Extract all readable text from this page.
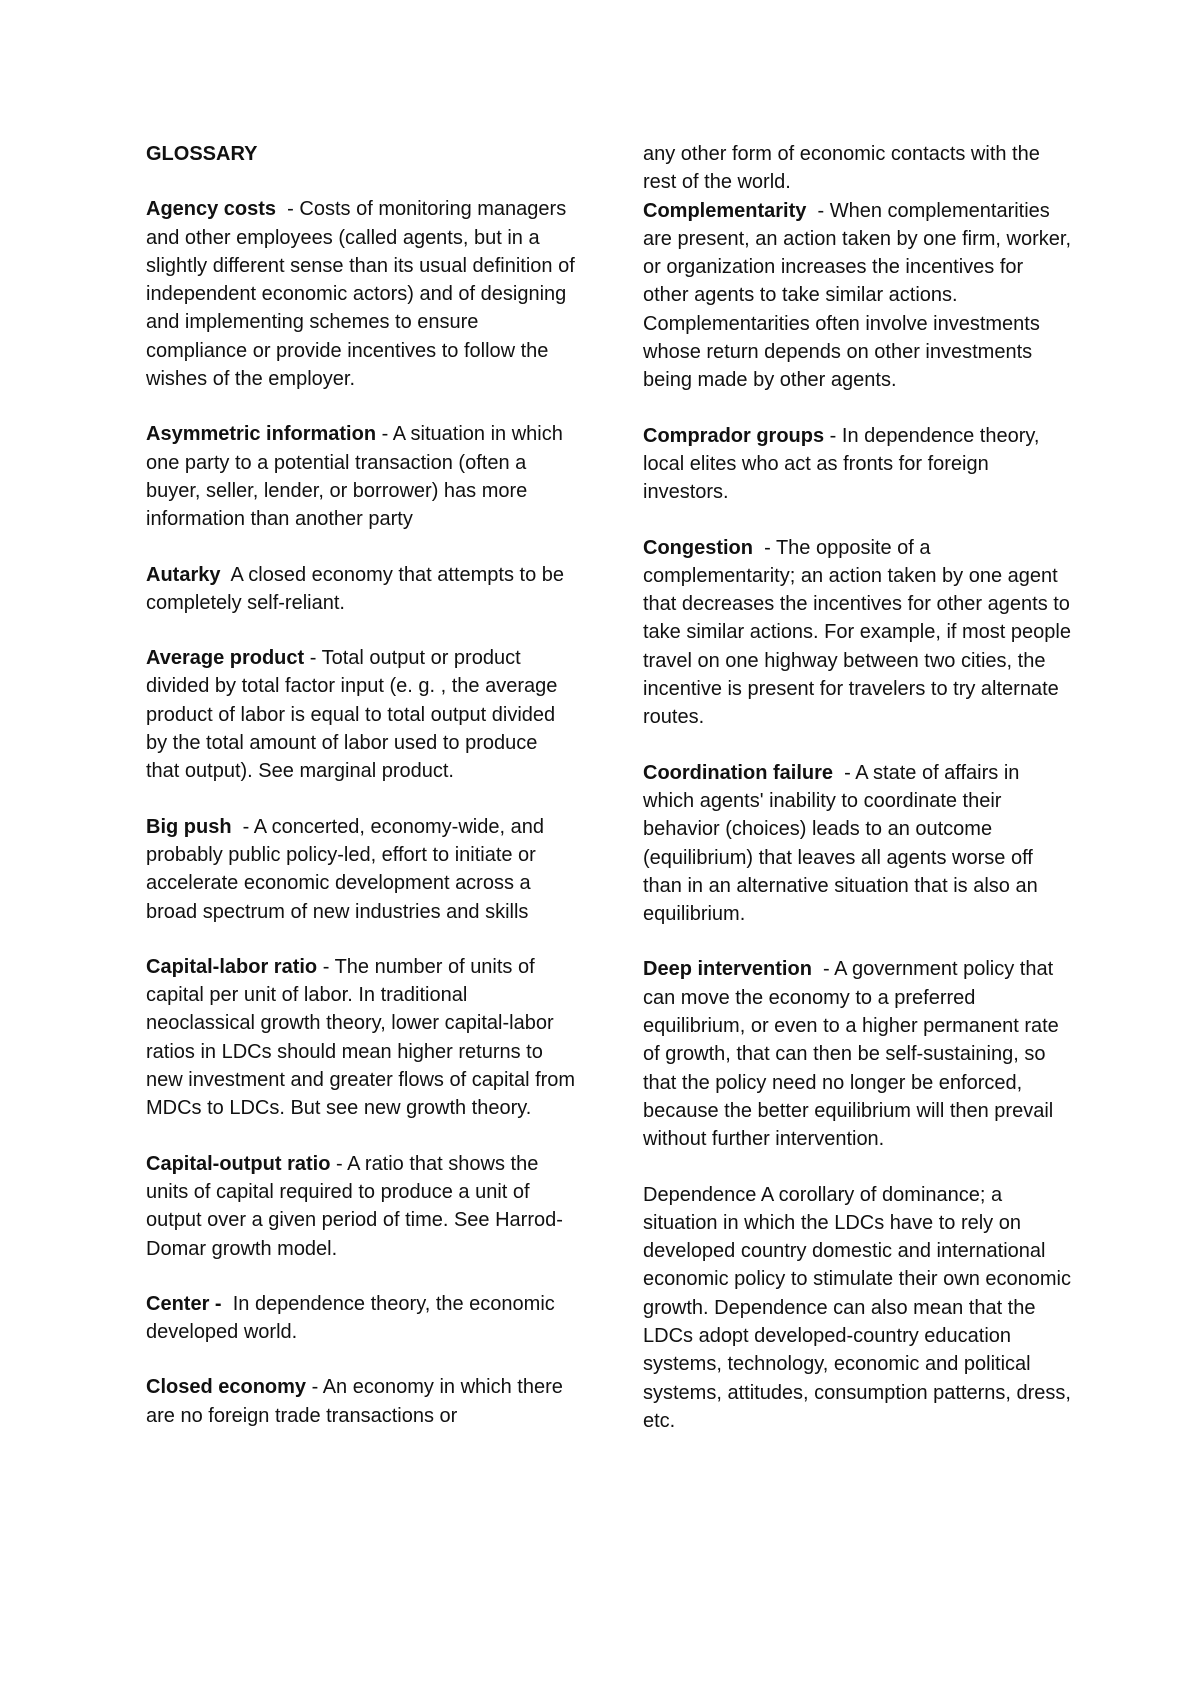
GLOSSARY

Agency costs  - Costs of monitoring managers and other employees (called agents, but in a slightly different sense than its usual definition of independent economic actors) and of designing and implementing schemes to ensure compliance or provide incentives to follow the wishes of the employer.
Asymmetric information - A situation in which one party to a potential transaction (often a buyer, seller, lender, or borrower) has more information than another party
Autarky A closed economy that attempts to be completely self-reliant.
Average product - Total output or product divided by total factor input (e. g. , the average product of labor is equal to total output divided by the total amount of labor used to produce that output). See marginal product.
Big push  - A concerted, economy-wide, and probably public policy-led, effort to initiate or accelerate economic development across a broad spectrum of new industries and skills
Capital-labor ratio - The number of units of capital per unit of labor. In traditional neoclassical growth theory, lower capital-labor ratios in LDCs should mean higher returns to new investment and greater flows of capital from MDCs to LDCs. But see new growth theory.
Capital-output ratio - A ratio that shows the units of capital required to produce a unit of output over a given period of time. See Harrod-Domar growth model.
Center - In dependence theory, the economic developed world.
Closed economy - An economy in which there are no foreign trade transactions or
any other form of economic contacts with the rest of the world.
Complementarity  - When complementarities are present, an action taken by one firm, worker, or organization increases the incentives for other agents to take similar actions. Complementarities often involve investments whose return depends on other investments being made by other agents.
Comprador groups - In dependence theory, local elites who act as fronts for foreign investors.
Congestion  - The opposite of a complementarity; an action taken by one agent that decreases the incentives for other agents to take similar actions. For example, if most people travel on one highway between two cities, the incentive is present for travelers to try alternate routes.
Coordination failure  - A state of affairs in which agents' inability to coordinate their behavior (choices) leads to an outcome (equilibrium) that leaves all agents worse off than in an alternative situation that is also an equilibrium.
Deep intervention  - A government policy that can move the economy to a preferred equilibrium, or even to a higher permanent rate of growth, that can then be self-sustaining, so that the policy need no longer be enforced, because the better equilibrium will then prevail without further intervention.
Dependence A corollary of dominance; a situation in which the LDCs have to rely on developed country domestic and international economic policy to stimulate their own economic growth. Dependence can also mean that the LDCs adopt developed-country education systems, technology, economic and political systems, attitudes, consumption patterns, dress, etc.
